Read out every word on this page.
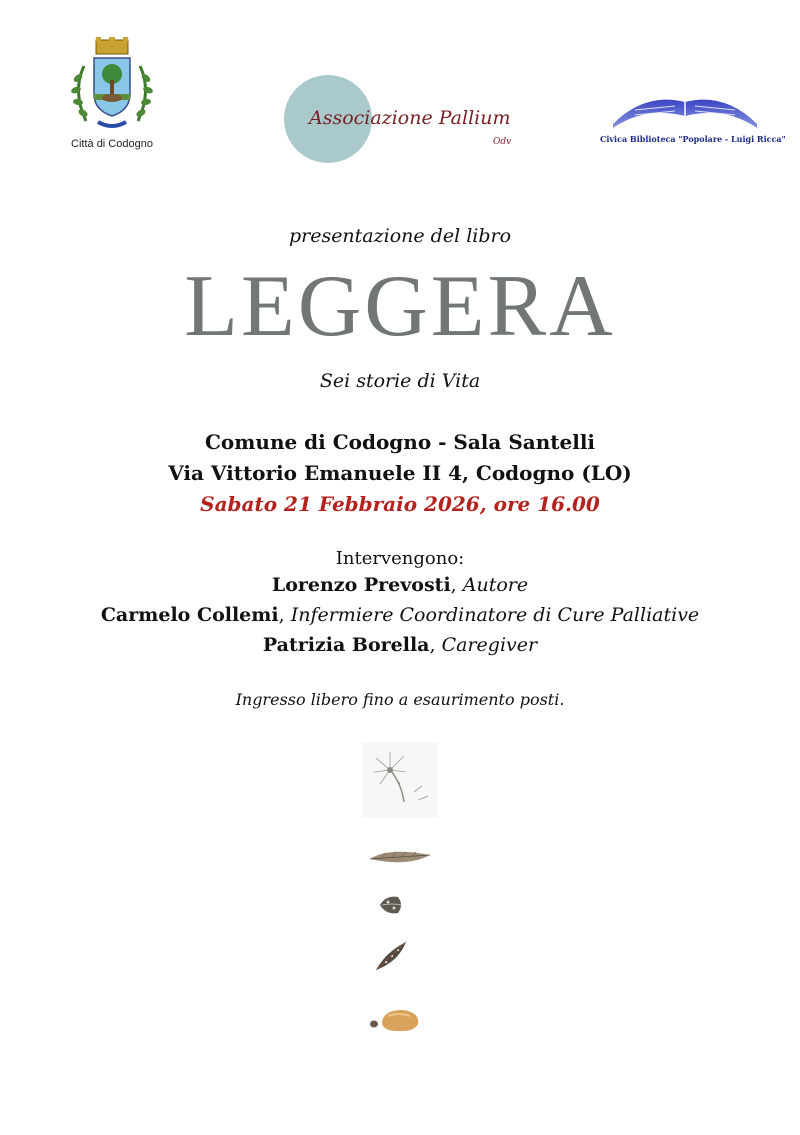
Città di Codogno
Associazione Pallium
Odv	Civica Biblioteca "Popolare - Luigi Ricca"
presentazione del libro
LEGGERA
Sei storie di Vita
Comune di Codogno - Sala Santelli
Via Vittorio Emanuele II 4, Codogno (LO)
Sabato 21 Febbraio 2026, ore 16.00
Intervengono:
Lorenzo Prevosti, Autore
Carmelo Collemi, Infermiere Coordinatore di Cure Palliative
Patrizia Borella, Caregiver
Ingresso libero fino a esaurimento posti.
